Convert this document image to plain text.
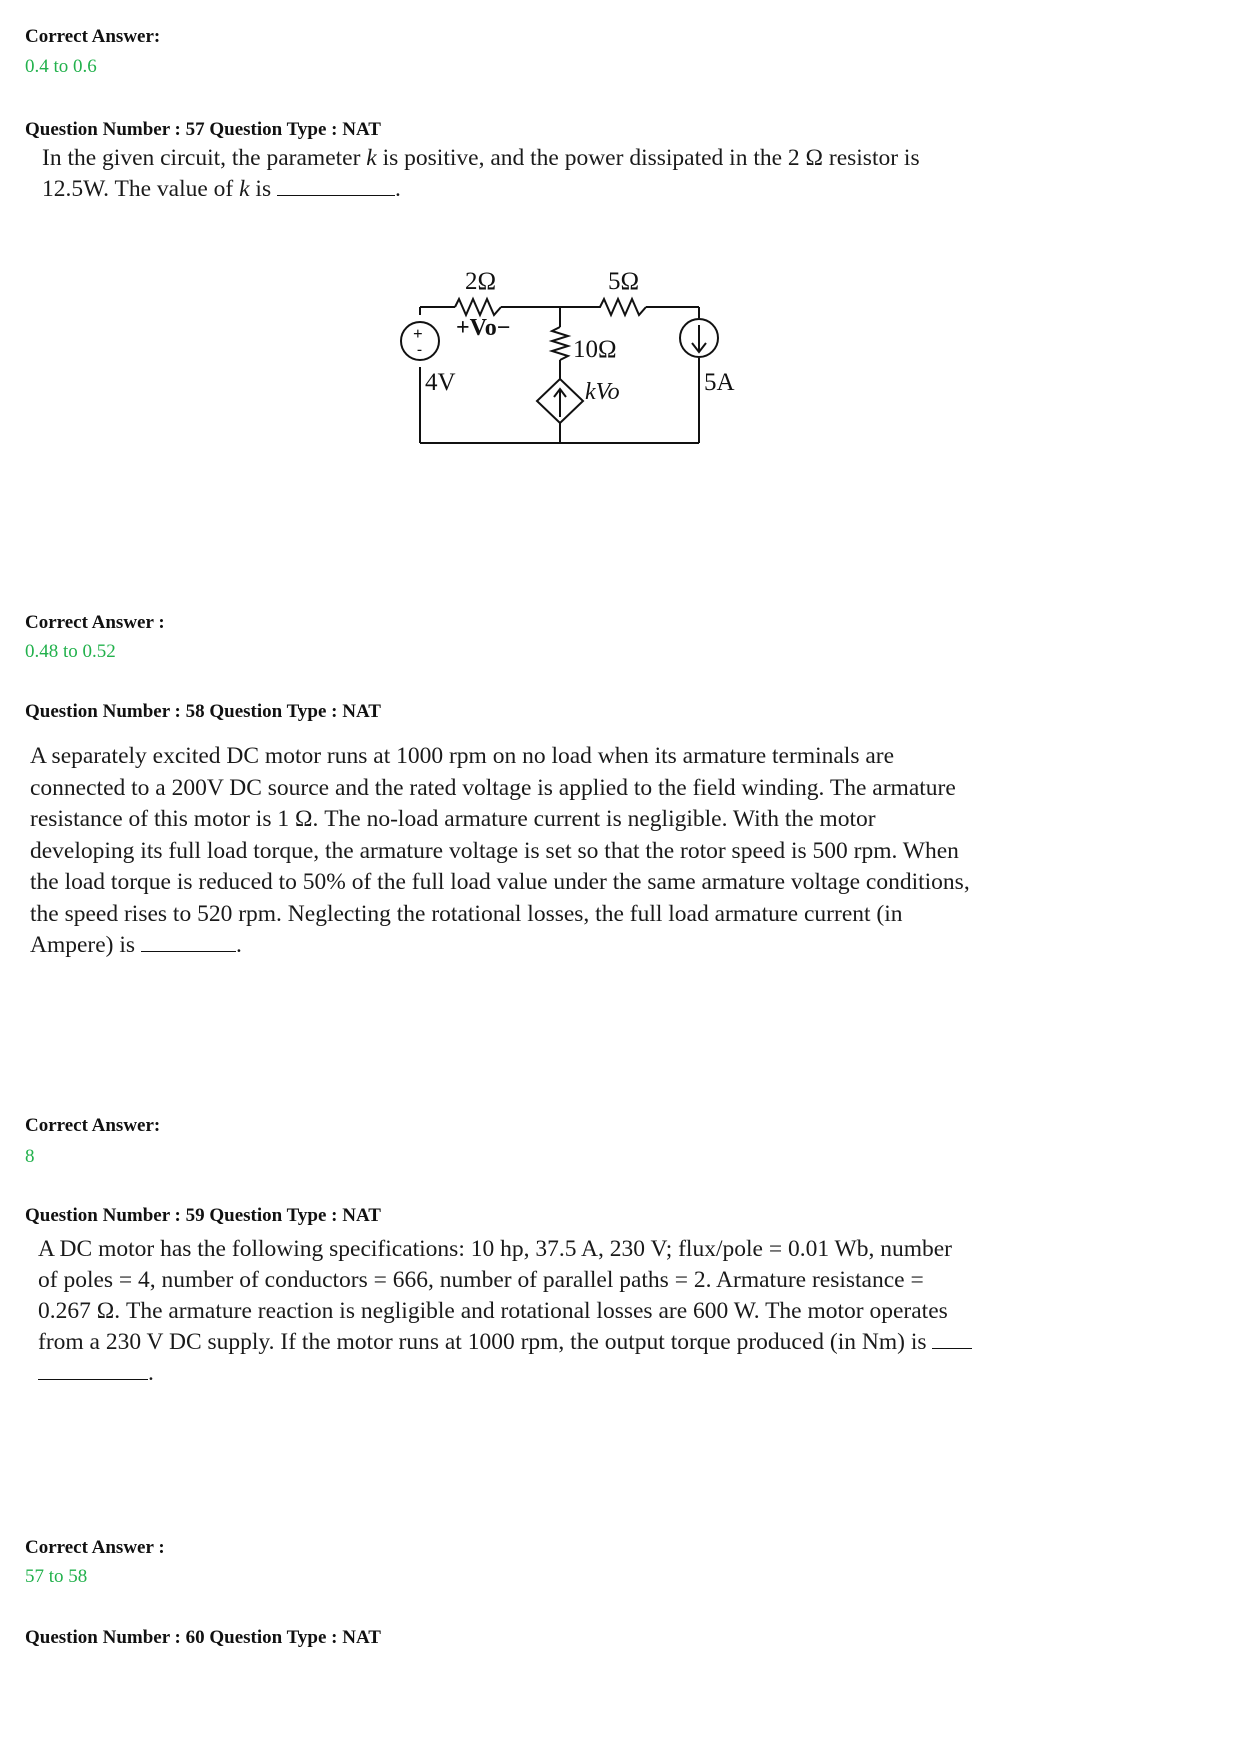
Correct Answer:
0.4 to 0.6
Question Number : 57 Question Type : NAT

In the given circuit, the parameter k is positive, and the power dissipated in the 2 Ω resistor is

12.5W. The value of k is	.

+
-
2Ω	5Ω
10Ω
+Vo−
4V	kVo	5A
Correct Answer :
0.48 to 0.52
Question Number : 58 Question Type : NAT

A separately excited DC motor runs at 1000 rpm on no load when its armature terminals are

connected to a 200V DC source and the rated voltage is applied to the field winding. The armature

resistance of this motor is 1 Ω. The no-load armature current is negligible. With the motor

developing its full load torque, the armature voltage is set so that the rotor speed is 500 rpm. When

the load torque is reduced to 50% of the full load value under the same armature voltage conditions,

the speed rises to 520 rpm. Neglecting the rotational losses, the full load armature current (in

Ampere) is	.

Correct Answer:
8
Question Number : 59 Question Type : NAT

A DC motor has the following specifications: 10 hp, 37.5 A, 230 V; flux/pole = 0.01 Wb, number

of poles = 4, number of conductors = 666, number of parallel paths = 2. Armature resistance =

0.267 Ω. The armature reaction is negligible and rotational losses are 600 W. The motor operates

from a 230 V DC supply. If the motor runs at 1000 rpm, the output torque produced (in Nm) is

.

Correct Answer :
57 to 58
Question Number : 60 Question Type : NAT
